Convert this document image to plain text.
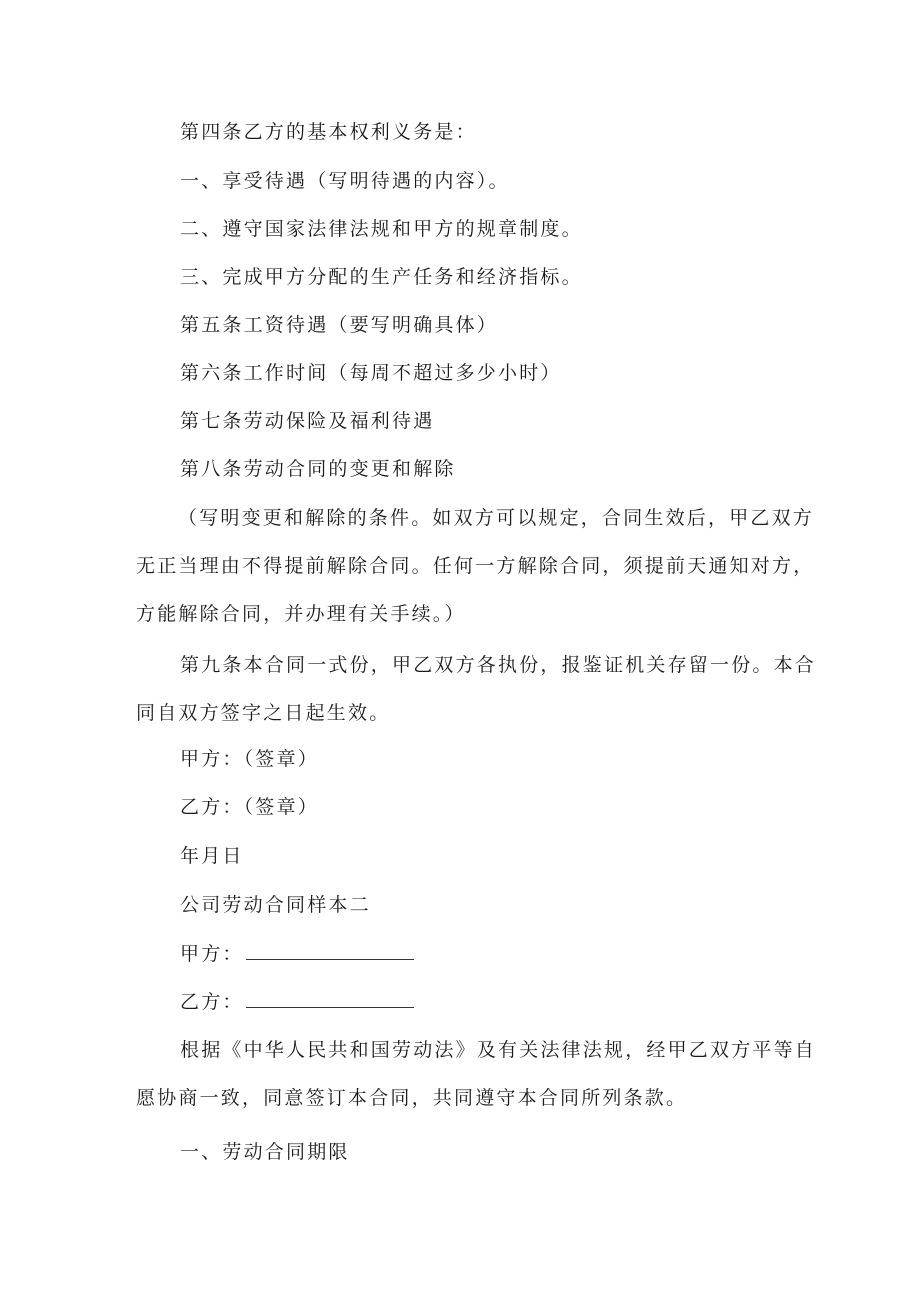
第四条乙方的基本权利义务是：
一、享受待遇（写明待遇的内容）。
二、遵守国家法律法规和甲方的规章制度。
三、完成甲方分配的生产任务和经济指标。
第五条工资待遇（要写明确具体）
第六条工作时间（每周不超过多少小时）
第七条劳动保险及福利待遇
第八条劳动合同的变更和解除
（写明变更和解除的条件。如双方可以规定，合同生效后，甲乙双方
无正当理由不得提前解除合同。任何一方解除合同，须提前天通知对方，
方能解除合同，并办理有关手续。）
第九条本合同一式份，甲乙双方各执份，报鉴证机关存留一份。本合
同自双方签字之日起生效。
甲方：（签章）
乙方：（签章）
年月日
公司劳动合同样本二
甲方：
乙方：
根据《中华人民共和国劳动法》及有关法律法规，经甲乙双方平等自
愿协商一致，同意签订本合同，共同遵守本合同所列条款。
一、劳动合同期限
